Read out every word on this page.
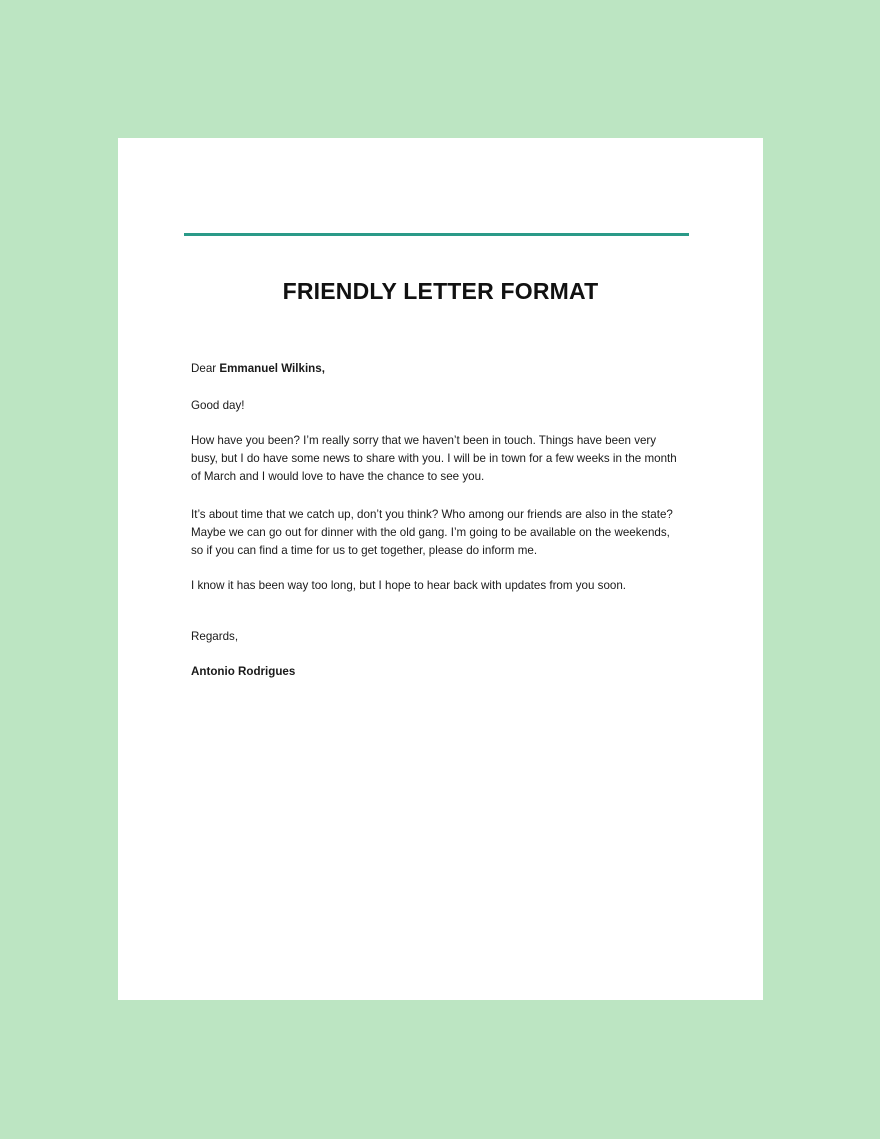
FRIENDLY LETTER FORMAT
Dear Emmanuel Wilkins,
Good day!
How have you been? I’m really sorry that we haven’t been in touch. Things have been very
busy, but I do have some news to share with you. I will be in town for a few weeks in the month
of March and I would love to have the chance to see you.
It’s about time that we catch up, don’t you think? Who among our friends are also in the state?
Maybe we can go out for dinner with the old gang. I’m going to be available on the weekends,
so if you can find a time for us to get together, please do inform me.
I know it has been way too long, but I hope to hear back with updates from you soon.
Regards,
Antonio Rodrigues
